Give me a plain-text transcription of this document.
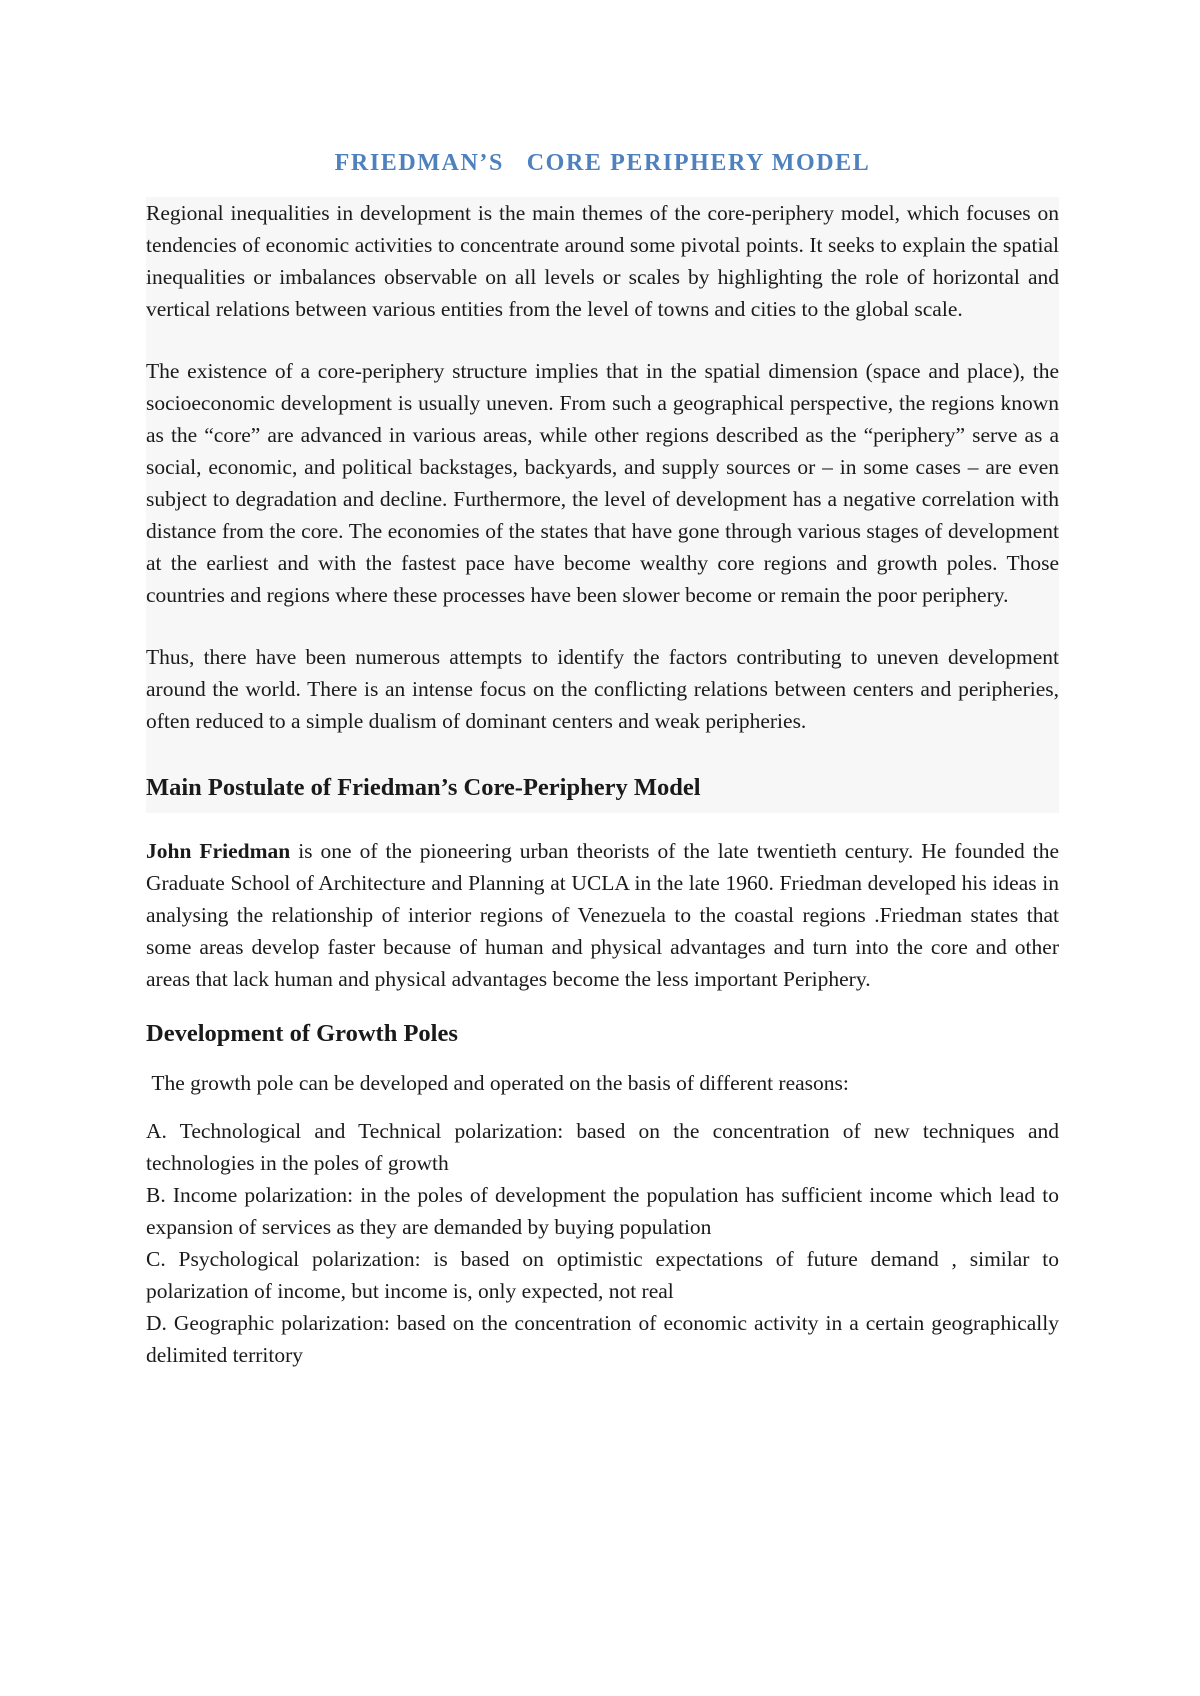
FRIEDMAN’S   CORE PERIPHERY MODEL

Regional inequalities in development is the main themes of the core-periphery model, which focuses on tendencies of economic activities to concentrate around some pivotal points. It seeks to explain the spatial inequalities or imbalances observable on all levels or scales by highlighting the role of horizontal and vertical relations between various entities from the level of towns and cities to the global scale.

The existence of a core-periphery structure implies that in the spatial dimension (space and place), the socioeconomic development is usually uneven. From such a geographical perspective, the regions known as the “core” are advanced in various areas, while other regions described as the “periphery” serve as a social, economic, and political backstages, backyards, and supply sources or – in some cases – are even subject to degradation and decline. Furthermore, the level of development has a negative correlation with distance from the core. The economies of the states that have gone through various stages of development at the earliest and with the fastest pace have become wealthy core regions and growth poles. Those countries and regions where these processes have been slower become or remain the poor periphery.

Thus, there have been numerous attempts to identify the factors contributing to uneven development around the world. There is an intense focus on the conflicting relations between centers and peripheries, often reduced to a simple dualism of dominant centers and weak peripheries.

Main Postulate of Friedman’s Core-Periphery Model

John Friedman is one of the pioneering urban theorists of the late twentieth century. He founded the Graduate School of Architecture and Planning at UCLA in the late 1960. Friedman developed his ideas in analysing the relationship of interior regions of Venezuela to the coastal regions .Friedman states that some areas develop faster because of human and physical advantages and turn into the core and other areas that lack human and physical advantages become the less important Periphery.

Development of Growth Poles

The growth pole can be developed and operated on the basis of different reasons:

A. Technological and Technical polarization: based on the concentration of new techniques and technologies in the poles of growth
B. Income polarization: in the poles of development the population has sufficient income which lead to expansion of services as they are demanded by buying population
C. Psychological polarization: is based on optimistic expectations of future demand , similar to polarization of income, but income is, only expected, not real
D. Geographic polarization: based on the concentration of economic activity in a certain geographically delimited territory
